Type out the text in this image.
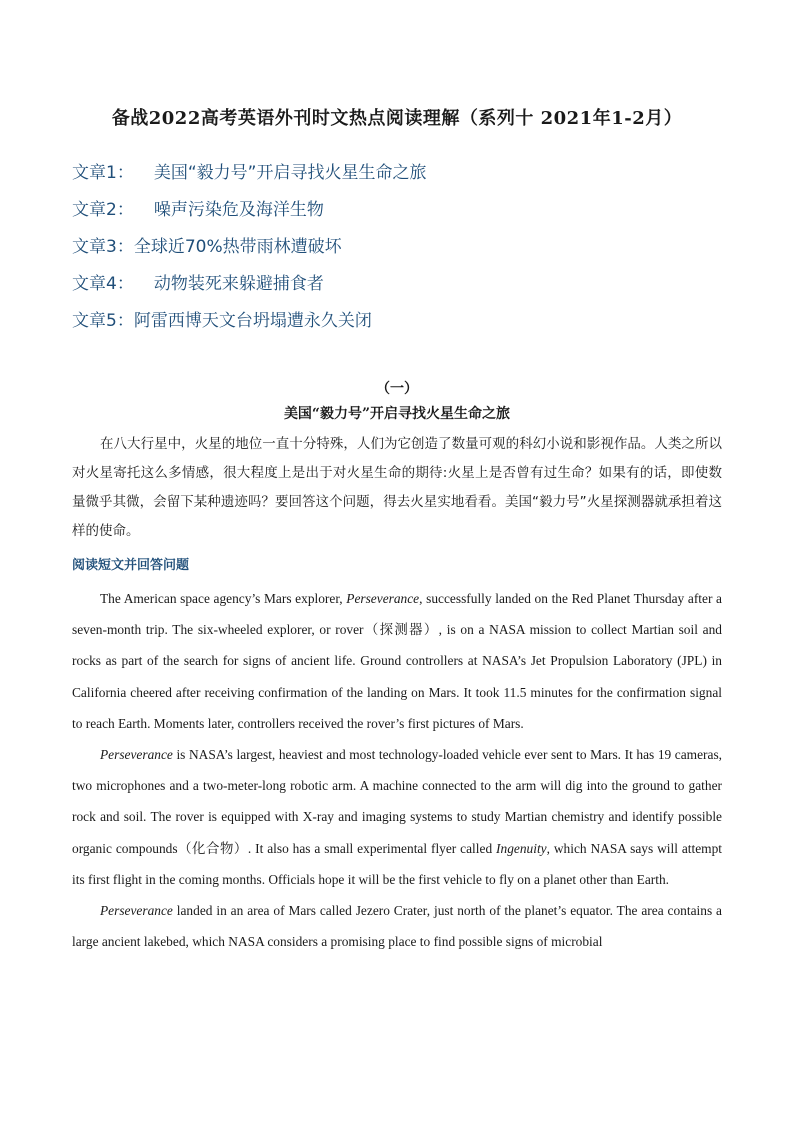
备战2022高考英语外刊时文热点阅读理解（系列十 2021年1-2月）
文章1： 美国“毅力号”开启寻找火星生命之旅
文章2： 噪声污染危及海洋生物
文章3：全球近70%热带雨林遭破坏
文章4： 动物装死来躲避捕食者
文章5：阿雷西博天文台坍塌遭永久关闭
（一）
美国“毅力号”开启寻找火星生命之旅
在八大行星中，火星的地位一直十分特殊，人们为它创造了数量可观的科幻小说和影视作品。人类之所以对火星寄托这么多情感，很大程度上是出于对火星生命的期待:火星上是否曾有过生命？如果有的话，即使数量微乎其微，会留下某种遗迹吗？要回答这个问题，得去火星实地看看。美国“毅力号”火星探测器就承担着这样的使命。
阅读短文并回答问题

The American space agency’s Mars explorer, Perseverance, successfully landed on the Red Planet Thursday after a seven-month trip. The six-wheeled explorer, or rover（探测器）, is on a NASA mission to collect Martian soil and rocks as part of the search for signs of ancient life. Ground controllers at NASA’s Jet Propulsion Laboratory (JPL) in California cheered after receiving confirmation of the landing on Mars. It took 11.5 minutes for the confirmation signal to reach Earth. Moments later, controllers received the rover’s first pictures of Mars.

Perseverance is NASA’s largest, heaviest and most technology-loaded vehicle ever sent to Mars. It has 19 cameras, two microphones and a two-meter-long robotic arm. A machine connected to the arm will dig into the ground to gather rock and soil. The rover is equipped with X-ray and imaging systems to study Martian chemistry and identify possible organic compounds（化合物）. It also has a small experimental flyer called Ingenuity, which NASA says will attempt its first flight in the coming months. Officials hope it will be the first vehicle to fly on a planet other than Earth.

Perseverance landed in an area of Mars called Jezero Crater, just north of the planet’s equator. The area contains a large ancient lakebed, which NASA considers a promising place to find possible signs of microbial
